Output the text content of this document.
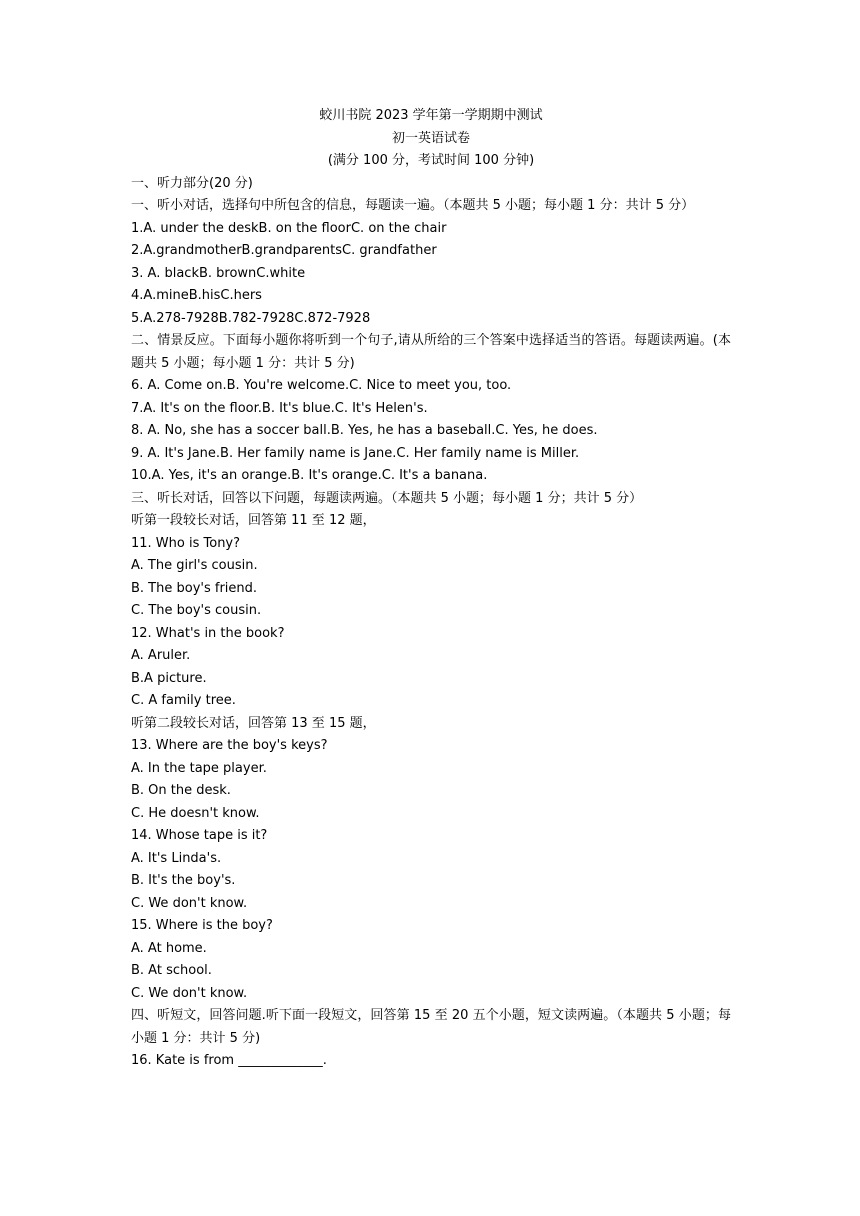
蛟川书院 2023 学年第一学期期中测试
初一英语试卷
(满分 100 分，考试时间 100 分钟)
一、听力部分(20 分)
一、听小对话，选择句中所包含的信息，每题读一遍。（本题共 5 小题；每小题 1 分：共计 5 分）
1.A. under the deskB. on the floorC. on the chair
2.A.grandmotherB.grandparentsC. grandfather
3. A. blackB. brownC.white
4.A.mineB.hisC.hers
5.A.278-7928B.782-7928C.872-7928
二、情景反应。下面每小题你将听到一个句子,请从所给的三个答案中选择适当的答语。每题读两遍。(本题共 5 小题；每小题 1 分：共计 5 分)
6. A. Come on.B. You're welcome.C. Nice to meet you, too.
7.A. It's on the floor.B. It's blue.C. It's Helen's.
8. A. No, she has a soccer ball.B. Yes, he has a baseball.C. Yes, he does.
9. A. It's Jane.B. Her family name is Jane.C. Her family name is Miller.
10.A. Yes, it's an orange.B. It's orange.C. It's a banana.
三、听长对话，回答以下问题，每题读两遍。（本题共 5 小题；每小题 1 分；共计 5 分）
听第一段较长对话，回答第 11 至 12 题，
11. Who is Tony?
A. The girl's cousin.
B. The boy's friend.
C. The boy's cousin.
12. What's in the book?
A. Aruler.
B.A picture.
C. A family tree.
听第二段较长对话，回答第 13 至 15 题，
13. Where are the boy's keys?
A. In the tape player.
B. On the desk.
C. He doesn't know.
14. Whose tape is it?
A. It's Linda's.
B. It's the boy's.
C. We don't know.
15. Where is the boy?
A. At home.
B. At school.
C. We don't know.
四、听短文，回答问题.听下面一段短文，回答第 15 至 20 五个小题，短文读两遍。（本题共 5 小题；每小题 1 分：共计 5 分)
16. Kate is from _____________.
